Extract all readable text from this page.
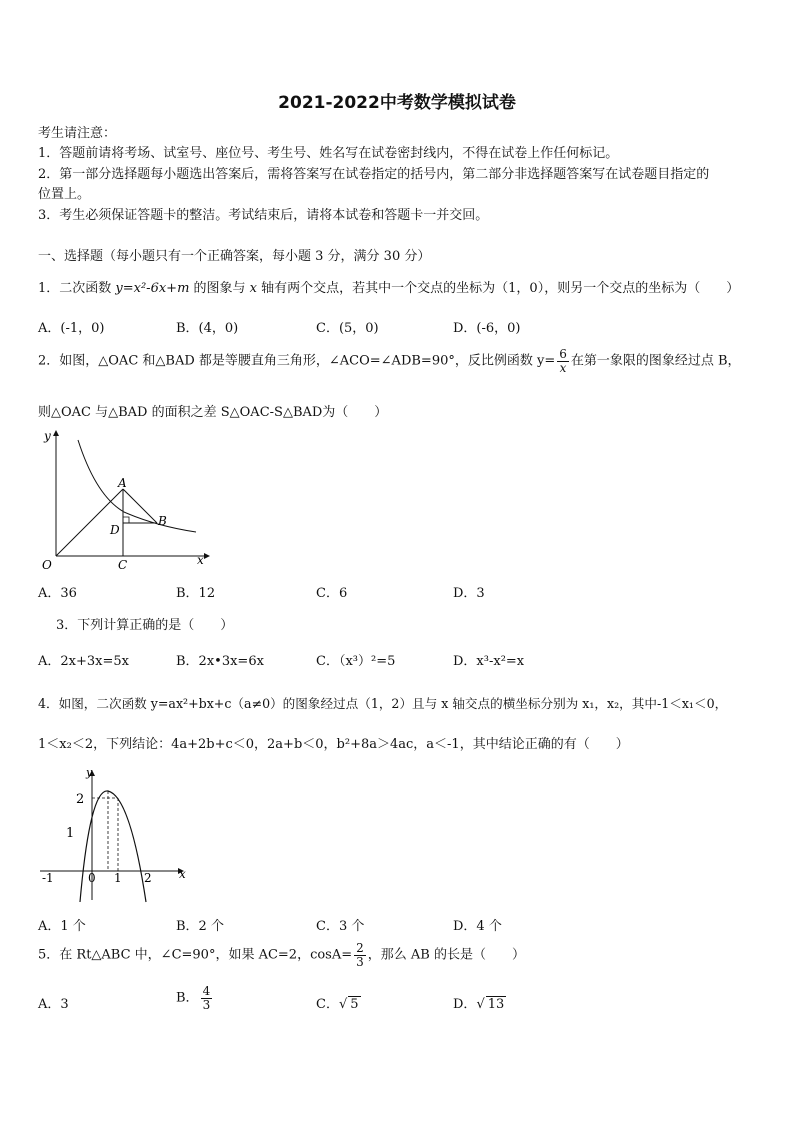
2021-2022中考数学模拟试卷
考生请注意：
1．答题前请将考场、试室号、座位号、考生号、姓名写在试卷密封线内，不得在试卷上作任何标记。
2．第一部分选择题每小题选出答案后，需将答案写在试卷指定的括号内，第二部分非选择题答案写在试卷题目指定的
位置上。
3．考生必须保证答题卡的整洁。考试结束后，请将本试卷和答题卡一并交回。
一、选择题（每小题只有一个正确答案，每小题 3 分，满分 30 分）
1．二次函数 y=x²-6x+m 的图象与 x 轴有两个交点，若其中一个交点的坐标为（1，0），则另一个交点的坐标为（　　）
A．(-1，0)	B．(4，0)	C．(5，0)	D．(-6，0)
2．如图，△OAC 和△BAD 都是等腰直角三角形，∠ACO=∠ADB=90°，反比例函数 $y= \frac{6}{x}$ 在第一象限的图象经过点 B，
则△OAC 与△BAD 的面积之差 S△OAC-S△BAD为（　　）
y
x
O
A
B
C
D
A．36	B．12	C．6	D．3
3．下列计算正确的是（　　）
A．2x+3x=5x	B．2x•3x=6x	C．（x³）²=5	D．x³-x²=x
4．如图，二次函数 y=ax²+bx+c（a≠0）的图象经过点（1，2）且与 x 轴交点的横坐标分别为 x₁，x₂，其中-1＜x₁＜0，
1＜x₂＜2，下列结论：4a+2b+c＜0，2a+b＜0，b²+8a＞4ac，a＜-1，其中结论正确的有（　　）
x
y
2
1
-1	0 1 2
A．1 个	B．2 个	C．3 个	D．4 个
5．在 Rt△ABC 中，∠C=90°，如果 AC=2，$\cos A= \frac{2}{3}$ ，那么 AB 的长是（　　）
A．3	B． $\frac{4}{3}$	C．√ 5	D．√ 13
